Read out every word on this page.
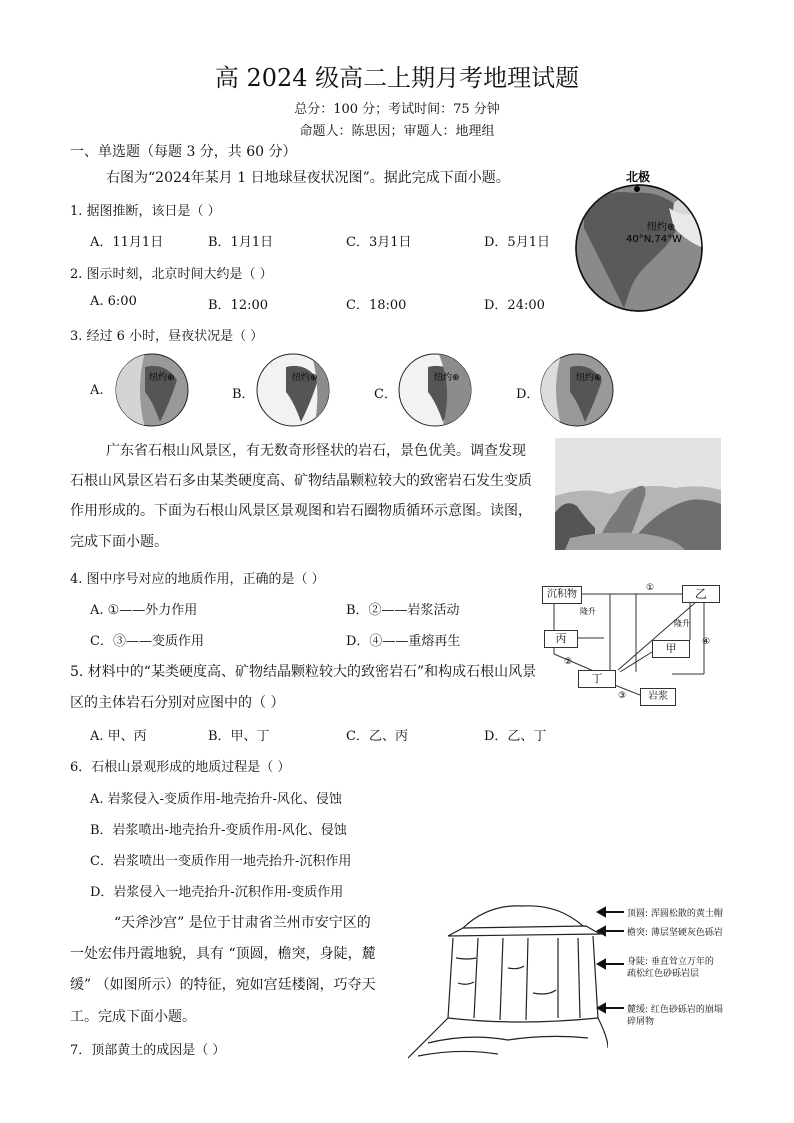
高 2024 级高二上期月考地理试题
总分：100 分；考试时间：75 分钟
命题人：陈思因；审题人：地理组
一、单选题（每题 3 分，共 60 分）
右图为“2024年某月 1 日地球昼夜状况图”。据此完成下面小题。	北极
纽约⊕
40°N,74°W
1. 据图推断，该日是（ ）
A．11月1日	B．1月1日	C．3月1日	D．5月1日
2. 图示时刻，北京时间大约是（ ）
A. 6:00	B．12:00	C．18:00	D．24:00
3. 经过 6 小时，昼夜状况是（ ）
A.
纽约⊕
B．
纽约⊕
C．
纽约⊕
D．
纽约⊕
广东省石根山风景区，有无数奇形怪状的岩石，景色优美。调查发现
石根山风景区岩石多由某类硬度高、矿物结晶颗粒较大的致密岩石发生变质
作用形成的。下面为石根山风景区景观图和岩石圈物质循环示意图。读图，
完成下面小题。
4. 图中序号对应的地质作用，正确的是（ ）
A. ①——外力作用	B．②——岩浆活动
C．③——变质作用	D．④——重熔再生
隆升
隆升
①
②
③
④
沉积物	乙
丙
甲
丁
岩浆
5. 材料中的“某类硬度高、矿物结晶颗粒较大的致密岩石”和构成石根山风景
区的主体岩石分别对应图中的（ ）
A. 甲、丙	B．甲、丁	C．乙、丙	D．乙、丁
6．石根山景观形成的地质过程是（ ）
A. 岩浆侵入-变质作用-地壳抬升-风化、侵蚀
B．岩浆喷出-地壳抬升-变质作用-风化、侵蚀
C．岩浆喷出一变质作用一地壳抬升-沉积作用
D．岩浆侵入一地壳抬升-沉积作用-变质作用
“天斧沙宫” 是位于甘肃省兰州市安宁区的
一处宏伟丹霞地貌，具有 “顶圆，檐突，身陡，麓
缓” （如图所示）的特征，宛如宫廷楼阁，巧夺天
工。完成下面小题。
顶圆: 浑圆松散的黄土帽
檐突: 薄层坚硬灰色砾岩
身陡: 垂直耸立万年的
疏松红色砂砾岩层
麓缓: 红色砂砾岩的崩塌
碎屑物
7．顶部黄土的成因是（ ）
